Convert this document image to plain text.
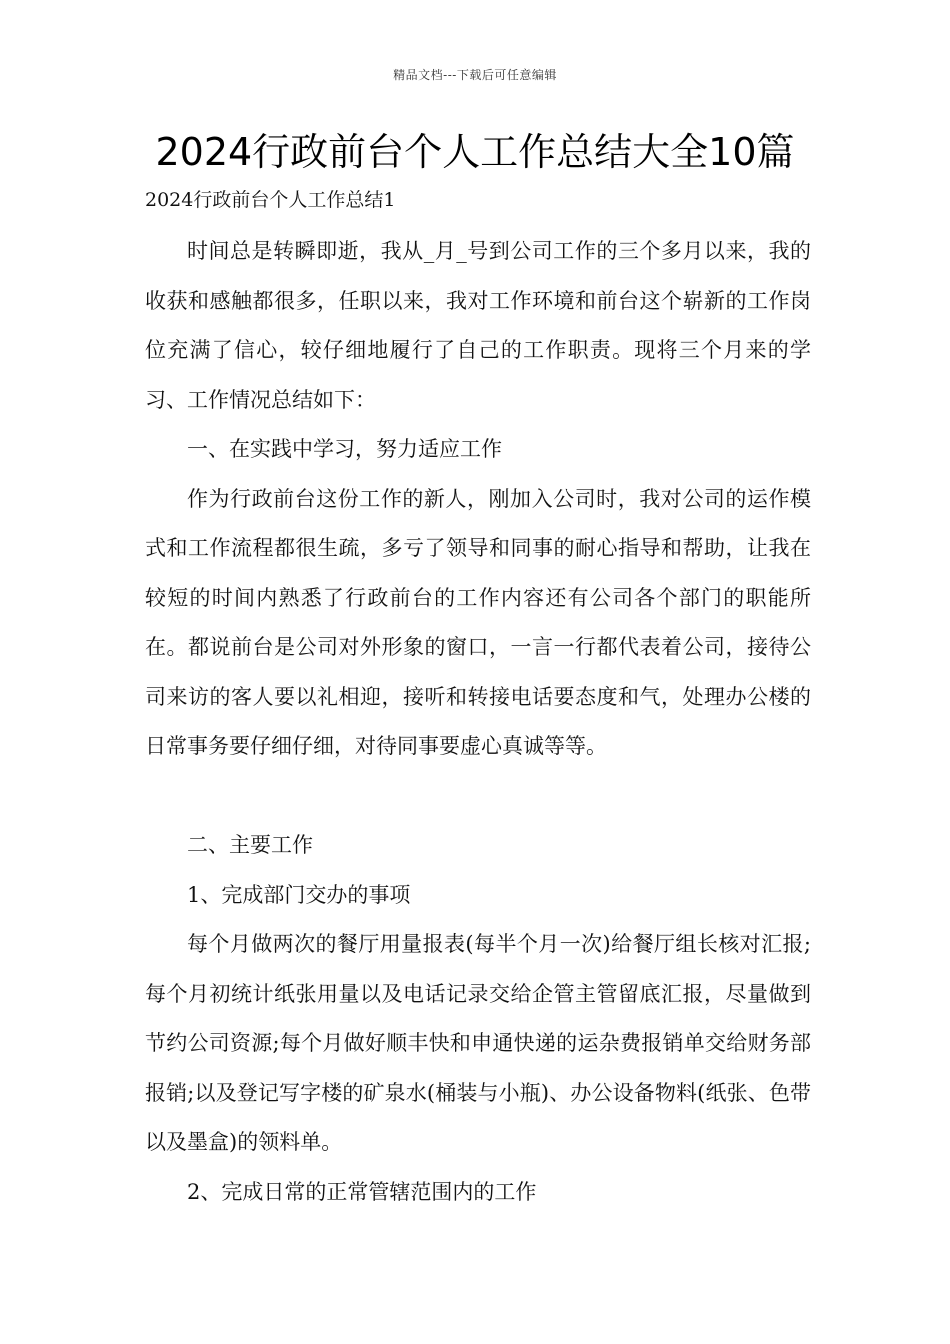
精品文档---下载后可任意编辑
2024行政前台个人工作总结大全10篇
2024行政前台个人工作总结1

时间总是转瞬即逝，我从_月_号到公司工作的三个多月以来，我的收获和感触都很多，任职以来，我对工作环境和前台这个崭新的工作岗位充满了信心，较仔细地履行了自己的工作职责。现将三个月来的学习、工作情况总结如下：

一、在实践中学习，努力适应工作

作为行政前台这份工作的新人，刚加入公司时，我对公司的运作模式和工作流程都很生疏，多亏了领导和同事的耐心指导和帮助，让我在较短的时间内熟悉了行政前台的工作内容还有公司各个部门的职能所在。都说前台是公司对外形象的窗口，一言一行都代表着公司，接待公司来访的客人要以礼相迎，接听和转接电话要态度和气，处理办公楼的日常事务要仔细仔细，对待同事要虚心真诚等等。

二、主要工作

1、完成部门交办的事项

每个月做两次的餐厅用量报表(每半个月一次)给餐厅组长核对汇报;每个月初统计纸张用量以及电话记录交给企管主管留底汇报，尽量做到节约公司资源;每个月做好顺丰快和申通快递的运杂费报销单交给财务部报销;以及登记写字楼的矿泉水(桶装与小瓶)、办公设备物料(纸张、色带以及墨盒)的领料单。

2、完成日常的正常管辖范围内的工作
